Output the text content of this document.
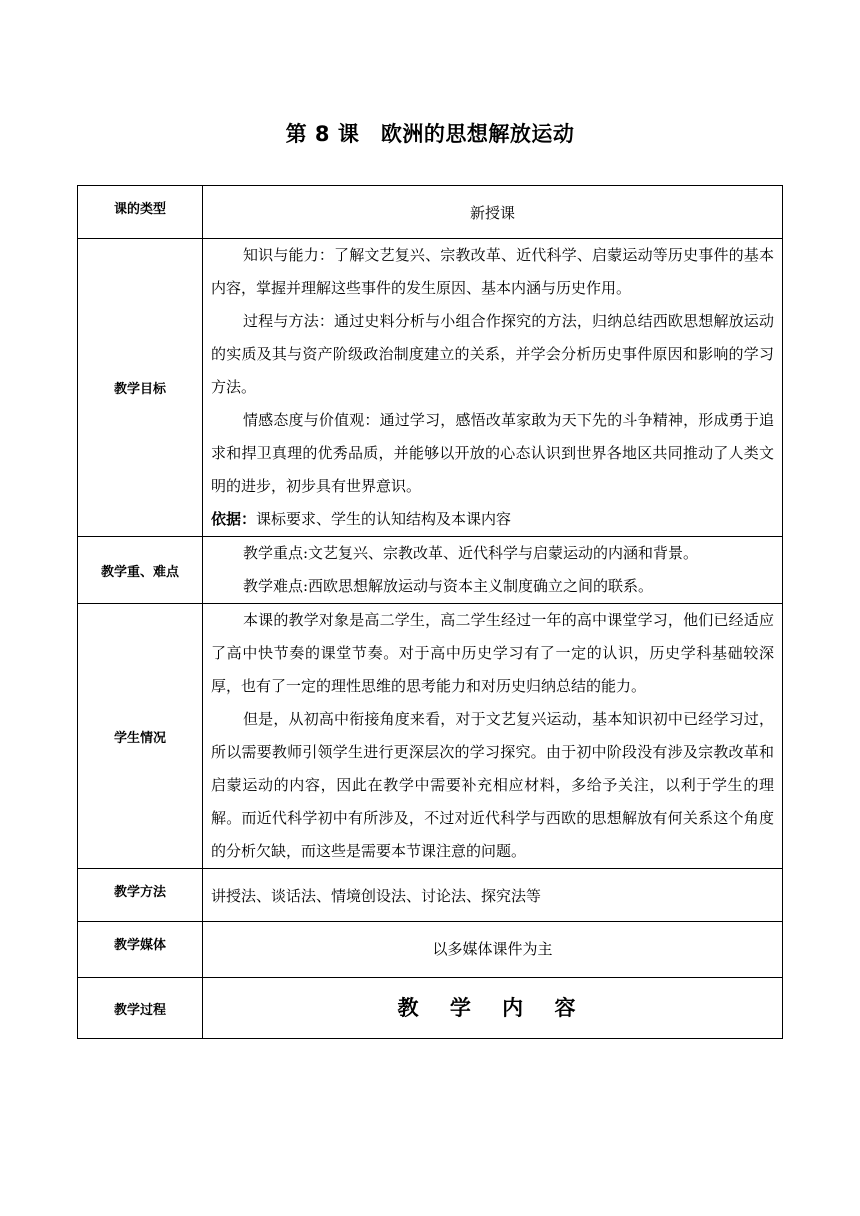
第 8 课　欧洲的思想解放运动
课的类型	新授课

教学目标	知识与能力：了解文艺复兴、宗教改革、近代科学、启蒙运动等历史事件的基本内容，掌握并理解这些事件的发生原因、基本内涵与历史作用。
过程与方法：通过史料分析与小组合作探究的方法，归纳总结西欧思想解放运动的实质及其与资产阶级政治制度建立的关系，并学会分析历史事件原因和影响的学习方法。
情感态度与价值观：通过学习，感悟改革家敢为天下先的斗争精神，形成勇于追求和捍卫真理的优秀品质，并能够以开放的心态认识到世界各地区共同推动了人类文明的进步，初步具有世界意识。
依据：课标要求、学生的认知结构及本课内容

教学重、难点	教学重点:文艺复兴、宗教改革、近代科学与启蒙运动的内涵和背景。
教学难点:西欧思想解放运动与资本主义制度确立之间的联系。

学生情况	本课的教学对象是高二学生，高二学生经过一年的高中课堂学习，他们已经适应了高中快节奏的课堂节奏。对于高中历史学习有了一定的认识，历史学科基础较深厚，也有了一定的理性思维的思考能力和对历史归纳总结的能力。
但是，从初高中衔接角度来看，对于文艺复兴运动，基本知识初中已经学习过，所以需要教师引领学生进行更深层次的学习探究。由于初中阶段没有涉及宗教改革和启蒙运动的内容，因此在教学中需要补充相应材料，多给予关注，以利于学生的理解。而近代科学初中有所涉及，不过对近代科学与西欧的思想解放有何关系这个角度的分析欠缺，而这些是需要本节课注意的问题。

教学方法	讲授法、谈话法、情境创设法、讨论法、探究法等

教学媒体	以多媒体课件为主

教学过程	教 学 内 容
